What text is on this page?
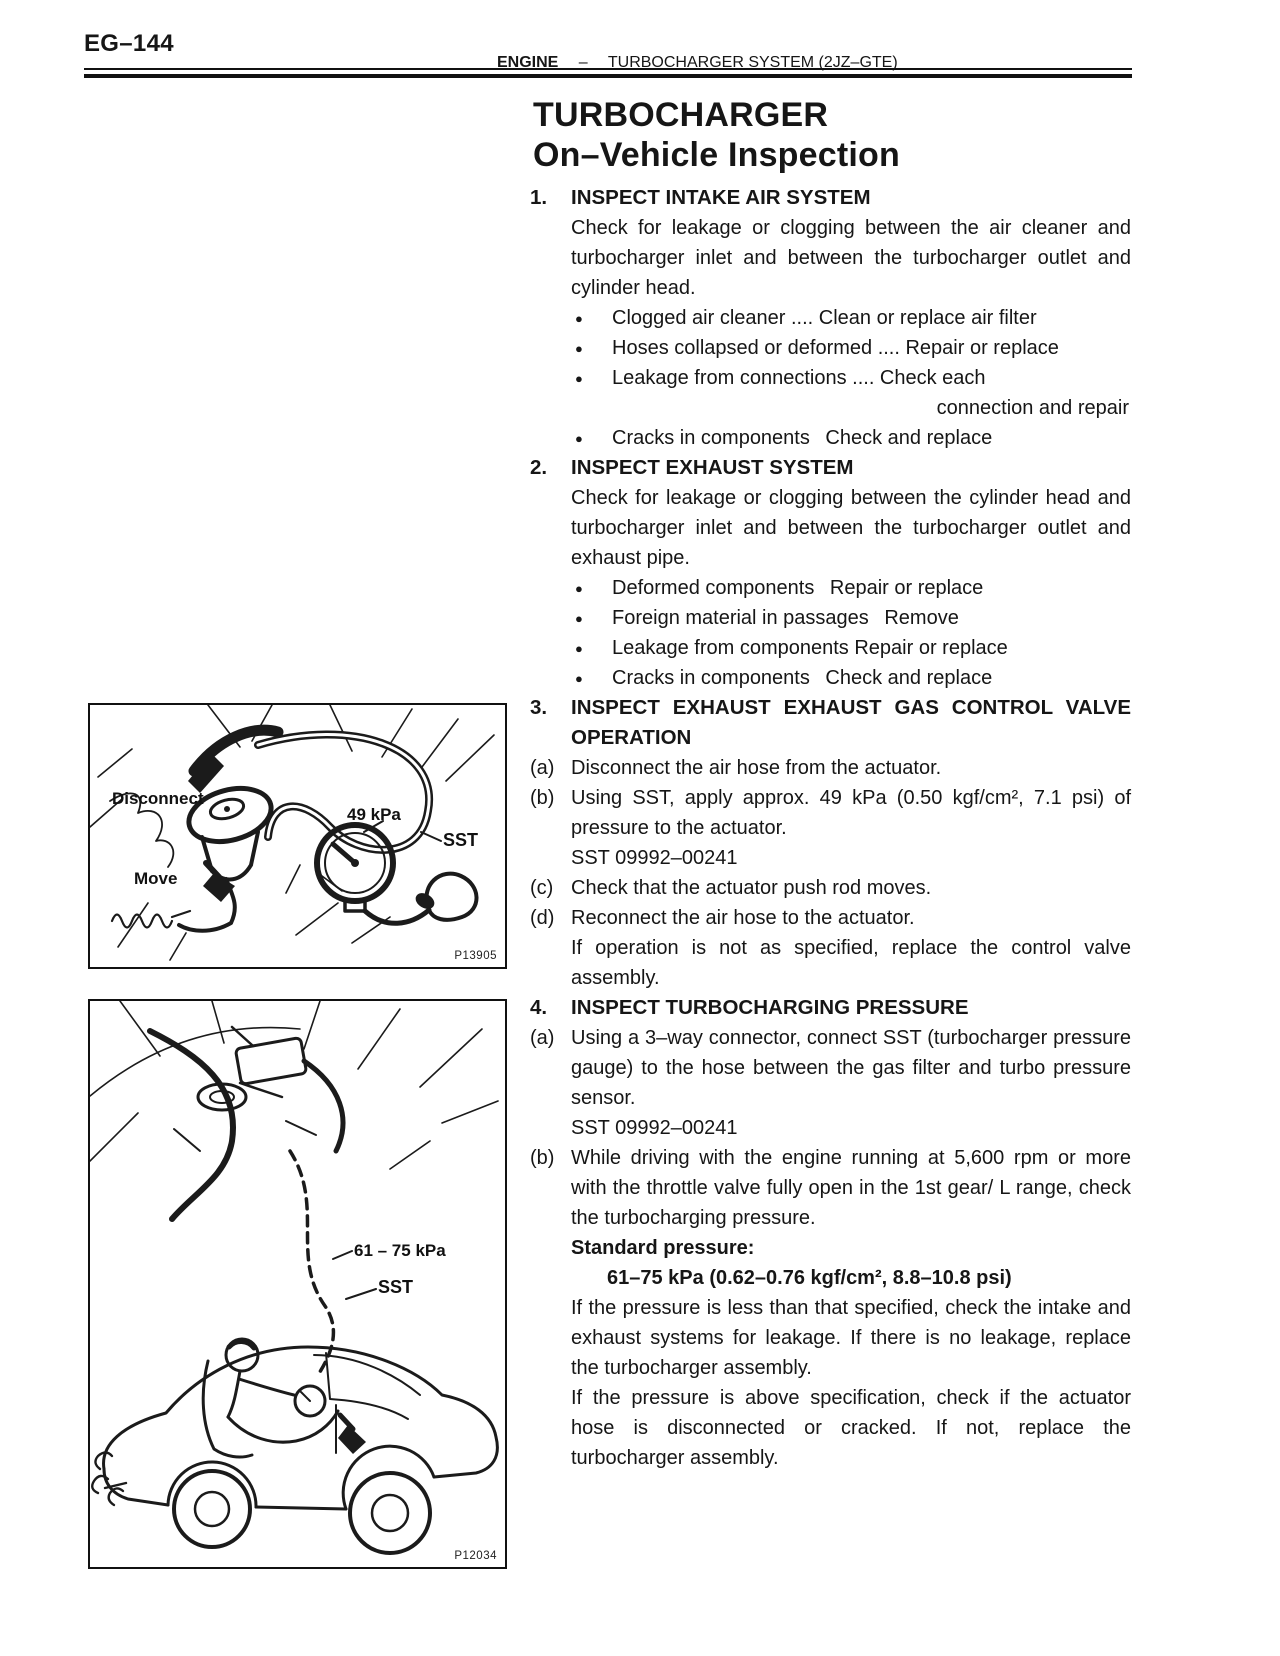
EG–144
ENGINE – TURBOCHARGER SYSTEM (2JZ–GTE)
TURBOCHARGER
On–Vehicle Inspection
1.	INSPECT INTAKE AIR SYSTEM

Check for leakage or clogging between the air cleaner and turbocharger inlet and between the turbocharger outlet and cylinder head.

● Clogged air cleaner .... Clean or replace air filter
● Hoses collapsed or deformed .... Repair or replace
● Leakage from connections .... Check each
connection and repair
● Cracks in components  Check and replace
2.	INSPECT EXHAUST SYSTEM

Check for leakage or clogging between the cylinder head and turbocharger inlet and between the turbocharger outlet and exhaust pipe.

● Deformed components  Repair or replace
● Foreign material in passages  Remove
● Leakage from components Repair or replace
● Cracks in components  Check and replace
3.	INSPECT EXHAUST EXHAUST GAS CONTROL VALVE OPERATION
(a) Disconnect the air hose from the actuator.
(b) Using SST, apply approx. 49 kPa (0.50 kgf/cm², 7.1 psi) of pressure to the actuator.

SST 09992–00241

(c) Check that the actuator push rod moves.
(d) Reconnect the air hose to the actuator.

If operation is not as specified, replace the control valve assembly.

4.	INSPECT TURBOCHARGING PRESSURE
(a) Using a 3–way connector, connect SST (turbocharger pressure gauge) to the hose between the gas filter and turbo pressure sensor.

SST 09992–00241

(b) While driving with the engine running at 5,600 rpm or more with the throttle valve fully open in the 1st gear/ L range, check the turbocharging pressure.

Standard pressure:

61–75 kPa (0.62–0.76 kgf/cm², 8.8–10.8 psi)

If the pressure is less than that specified, check the intake and exhaust systems for leakage. If there is no leakage, replace the turbocharger assembly.

If the pressure is above specification, check if the actuator hose is disconnected or cracked. If not, replace the turbocharger assembly.

Disconnect
49 kPa
SST
Move
P13905
61 – 75 kPa
SST
P12034
